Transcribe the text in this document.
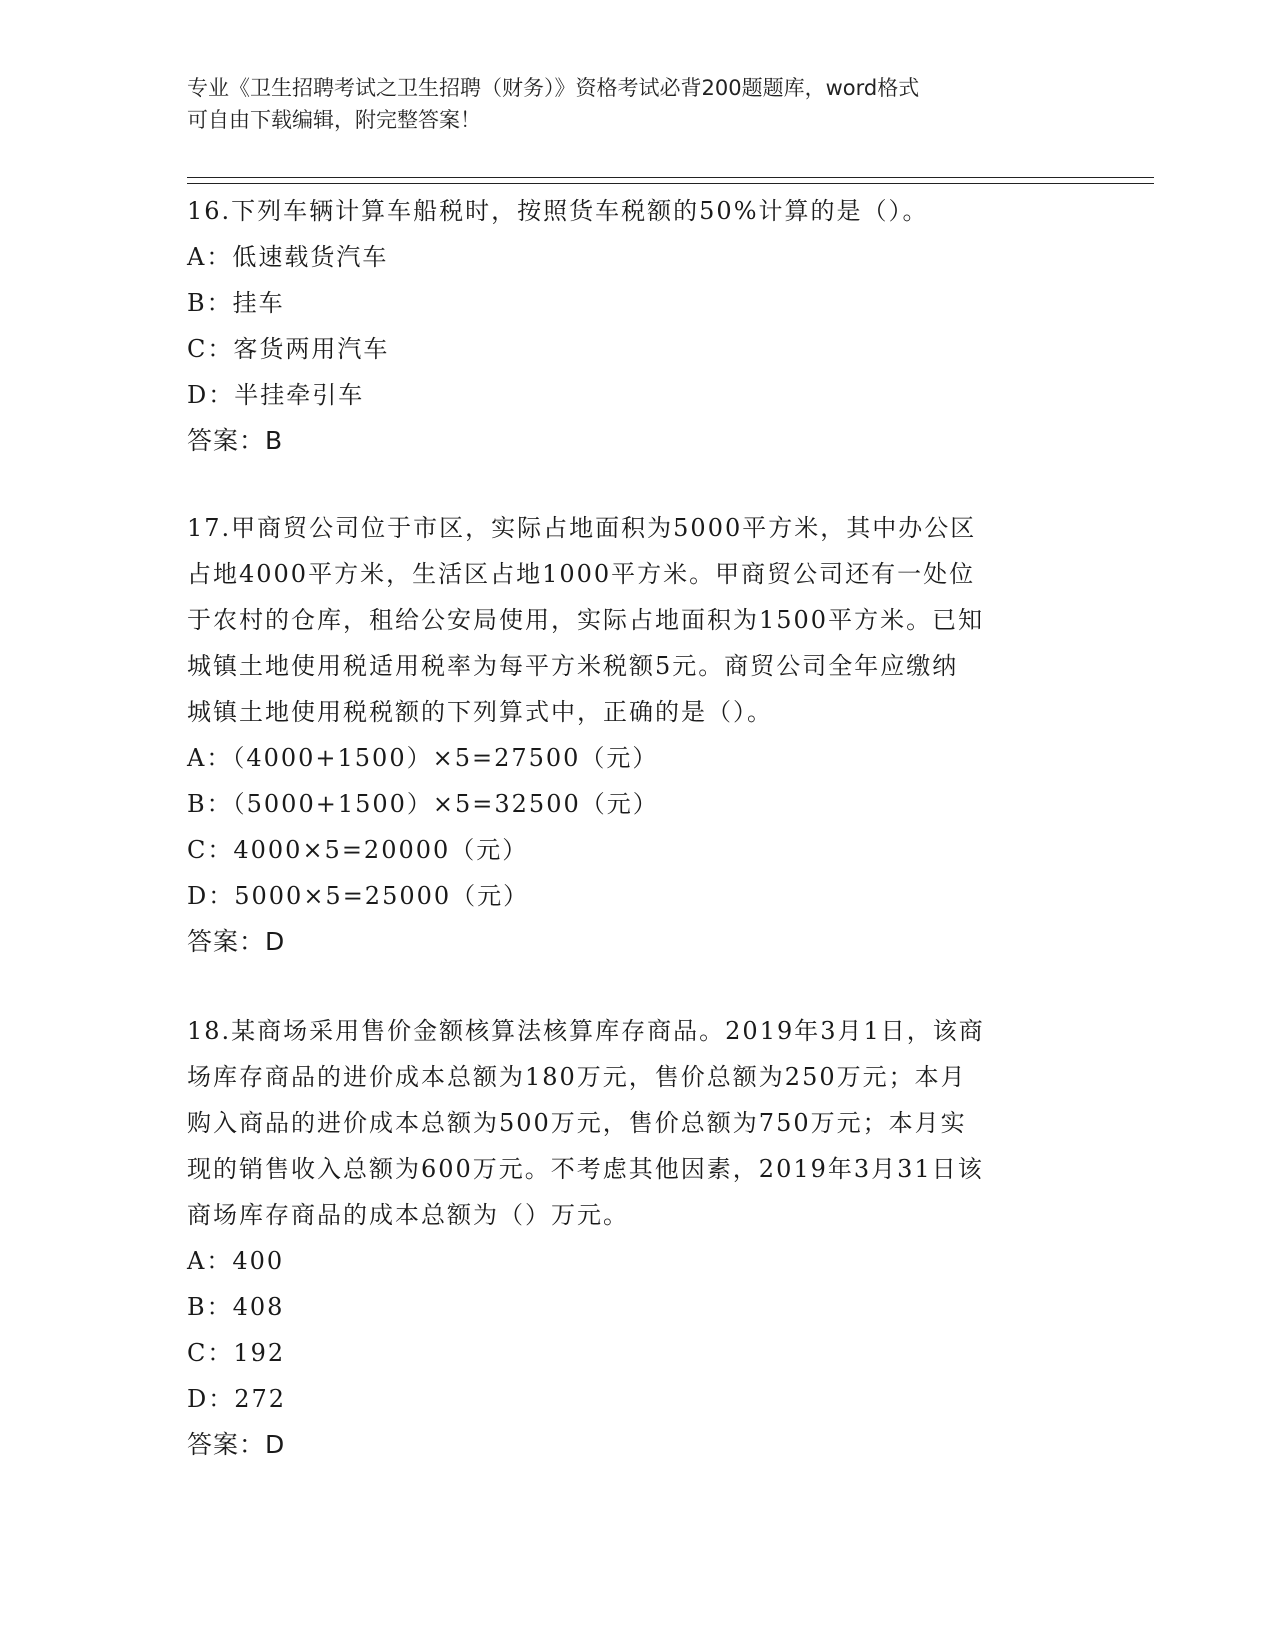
专业《卫生招聘考试之卫生招聘（财务）》资格考试必背200题题库，word格式
可自由下载编辑，附完整答案！
16.下列车辆计算车船税时，按照货车税额的50%计算的是（）。
A：低速载货汽车
B：挂车
C：客货两用汽车
D：半挂牵引车
答案：B
17.甲商贸公司位于市区，实际占地面积为5000平方米，其中办公区
占地4000平方米，生活区占地1000平方米。甲商贸公司还有一处位
于农村的仓库，租给公安局使用，实际占地面积为1500平方米。已知
城镇土地使用税适用税率为每平方米税额5元。商贸公司全年应缴纳
城镇土地使用税税额的下列算式中，正确的是（）。
A：（4000+1500）×5=27500（元）
B：（5000+1500）×5=32500（元）
C：4000×5=20000（元）
D：5000×5=25000（元）
答案：D
18.某商场采用售价金额核算法核算库存商品。2019年3月1日，该商
场库存商品的进价成本总额为180万元，售价总额为250万元；本月
购入商品的进价成本总额为500万元，售价总额为750万元；本月实
现的销售收入总额为600万元。不考虑其他因素，2019年3月31日该
商场库存商品的成本总额为（）万元。
A：400
B：408
C：192
D：272
答案：D
